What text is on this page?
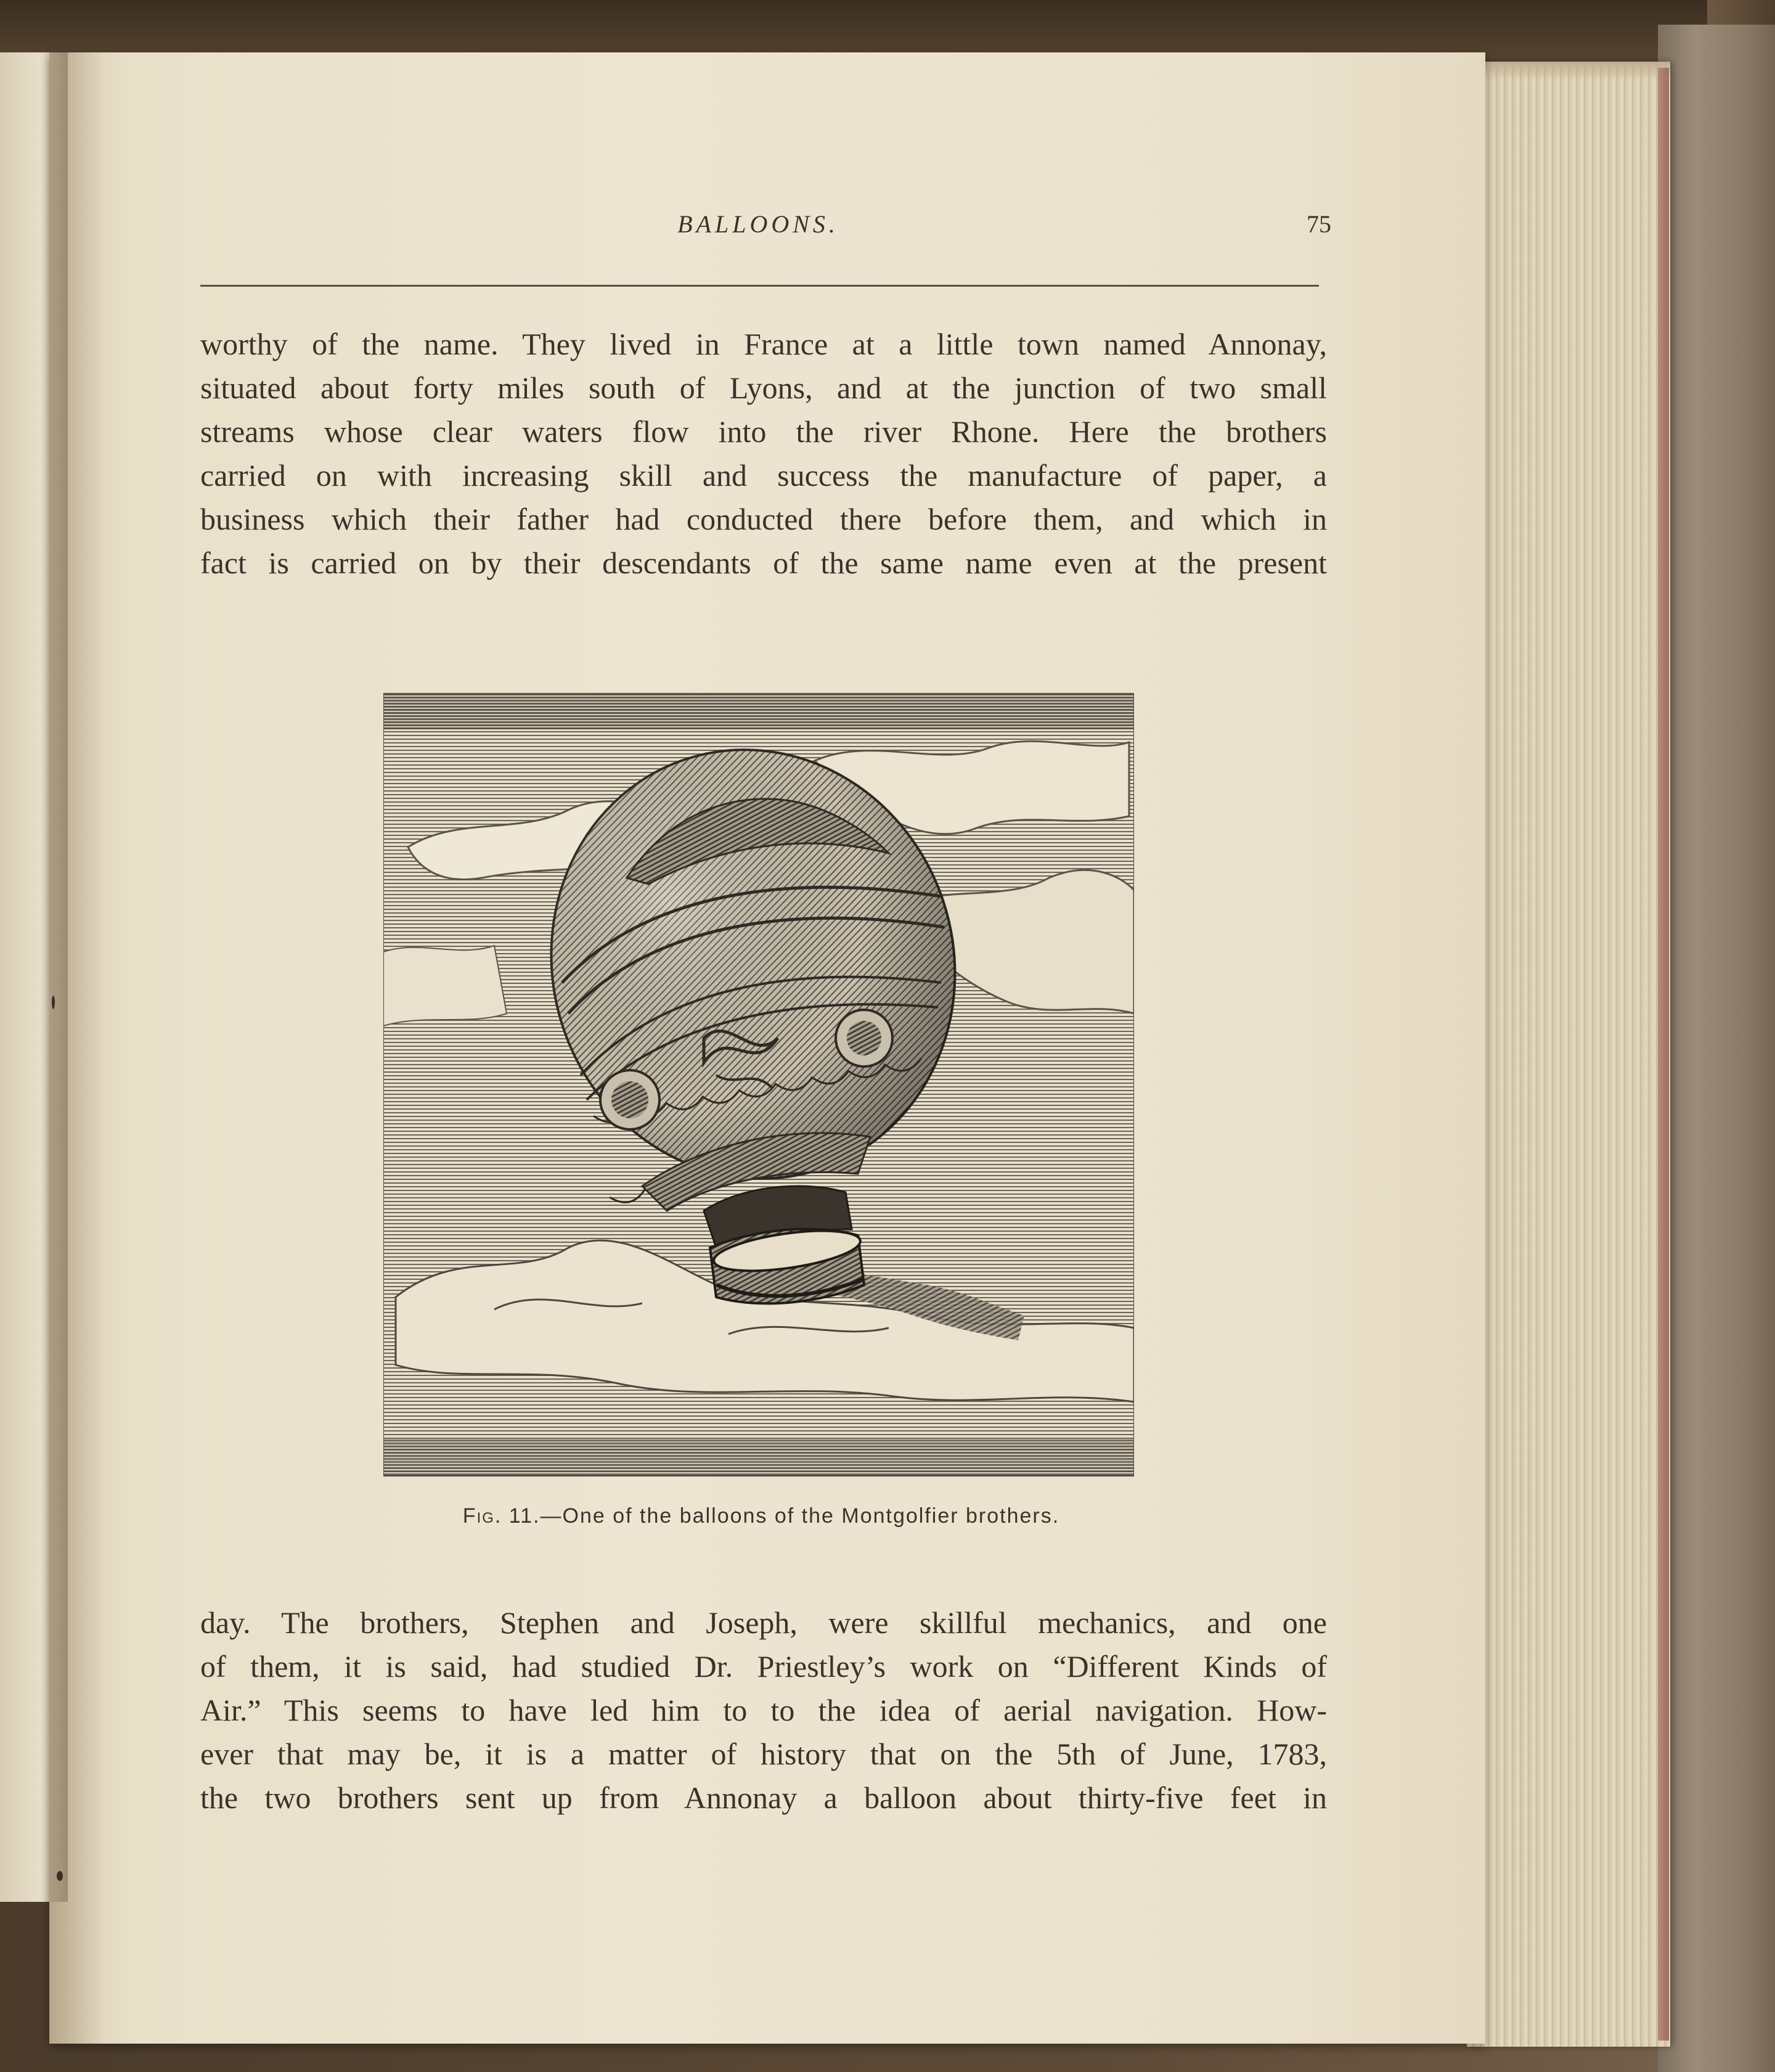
BALLOONS.	75
worthy of the name. They lived in France at a little town named Annonay,
situated about forty miles south of Lyons, and at the junction of two small
streams whose clear waters flow into the river Rhone. Here the brothers
carried on with increasing skill and success the manufacture of paper, a
business which their father had conducted there before them, and which in
fact is carried on by their descendants of the same name even at the present
Fig. 11.—One of the balloons of the Montgolfier brothers.
day. The brothers, Stephen and Joseph, were skillful mechanics, and one
of them, it is said, had studied Dr. Priestley’s work on “Different Kinds of
Air.” This seems to have led him to to the idea of aerial navigation. How-
ever that may be, it is a matter of history that on the 5th of June, 1783,
the two brothers sent up from Annonay a balloon about thirty-five feet in
